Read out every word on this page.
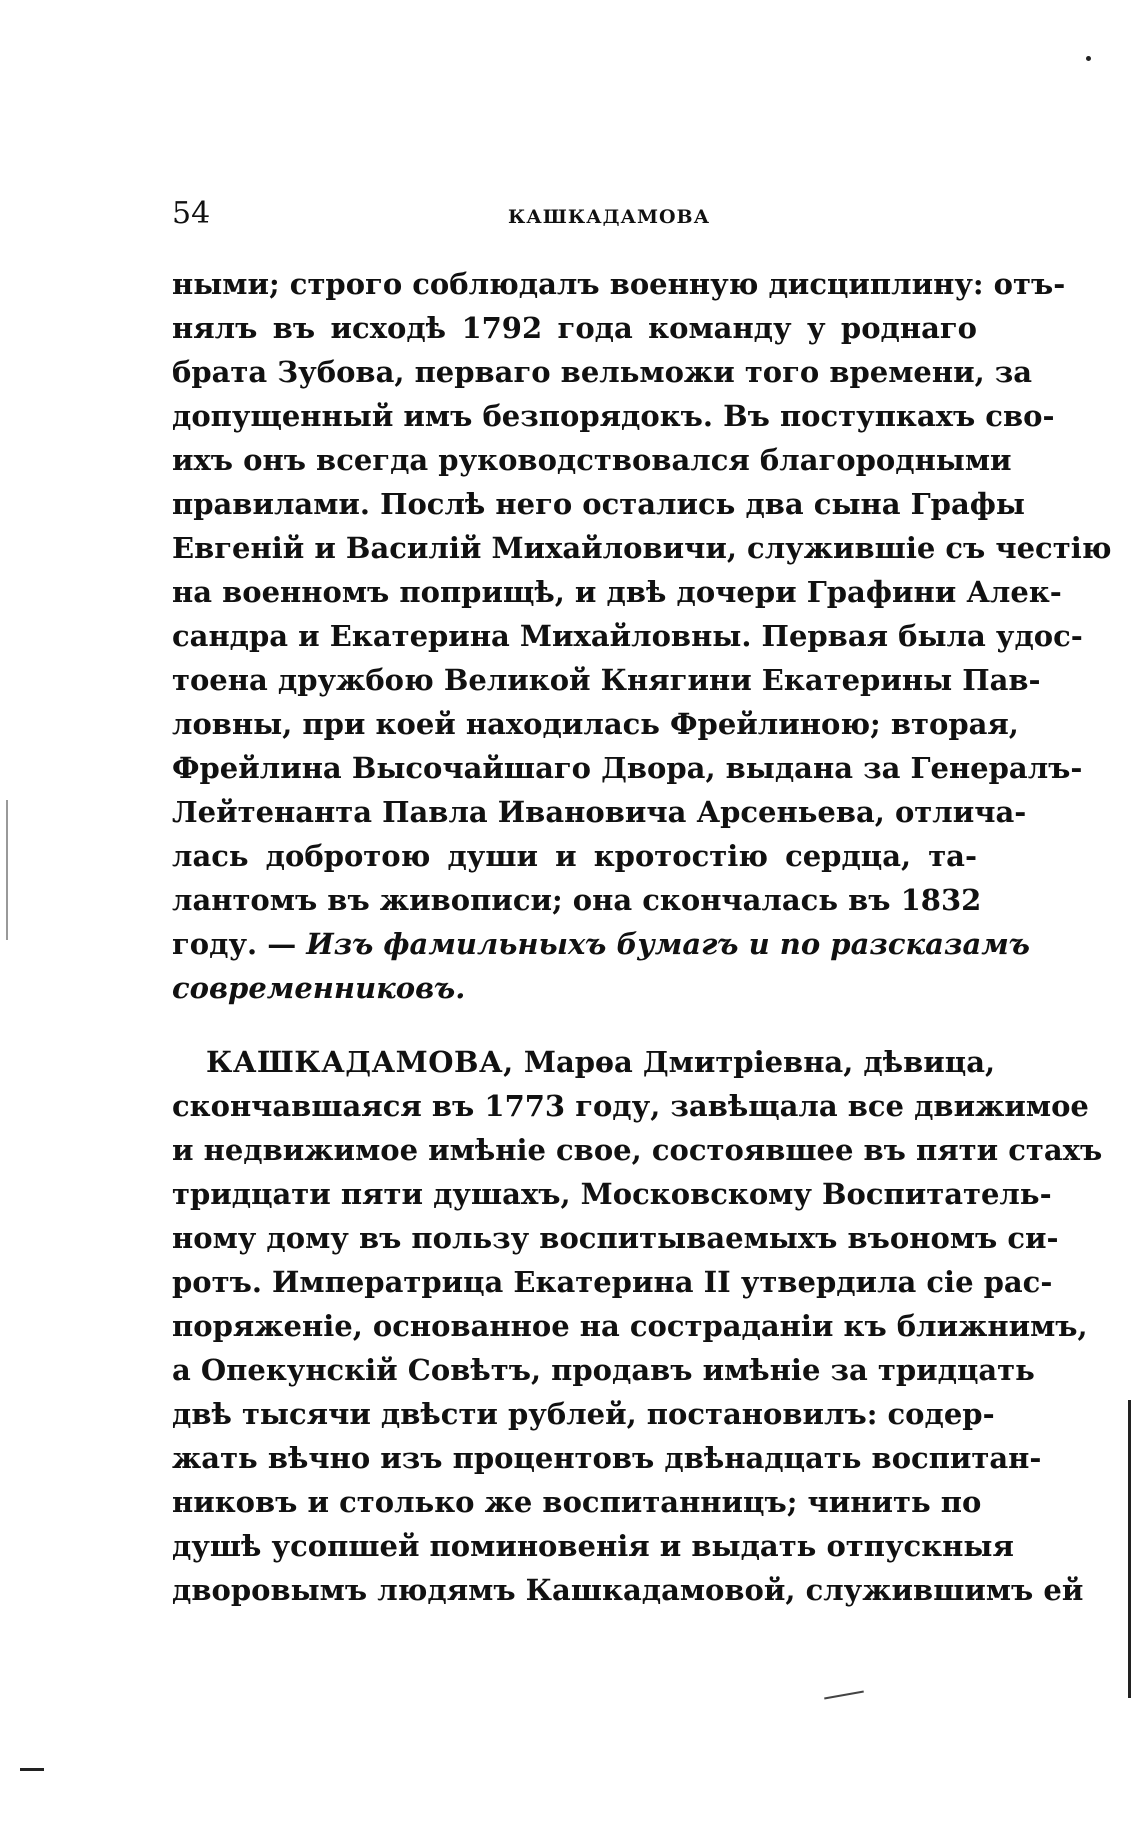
54	КАШКАДАМОВА
ными; строго соблюдалъ военную дисциплину: отъ-
нялъ въ исходѣ 1792 года команду у роднаго
брата Зубова, перваго вельможи того времени, за
допущенный имъ безпорядокъ. Въ поступкахъ сво-
ихъ онъ всегда руководствовался благородными
правилами. Послѣ него остались два сына Графы
Евгеній и Василій Михайловичи, служившіе съ честію
на военномъ поприщѣ, и двѣ дочери Графини Алек-
сандра и Екатерина Михайловны. Первая была удос-
тоена дружбою Великой Княгини Екатерины Пав-
ловны, при коей находилась Фрейлиною; вторая,
Фрейлина Высочайшаго Двора, выдана за Генералъ-
Лейтенанта Павла Ивановича Арсеньева, отлича-
лась добротою души и кротостію сердца, та-
лантомъ въ живописи; она скончалась въ 1832
году. — Изъ фамильныхъ бумагъ и по разсказамъ
современниковъ.
КАШКАДАМОВА, Марѳа Дмитріевна, дѣвица,
скончавшаяся въ 1773 году, завѣщала все движимое
и недвижимое имѣніе свое, состоявшее въ пяти стахъ
тридцати пяти душахъ, Московскому Воспитатель-
ному дому въ пользу воспитываемыхъ въономъ си-
ротъ. Императрица Екатерина II утвердила сіе рас-
поряженіе, основанное на состраданіи къ ближнимъ,
а Опекунскій Совѣтъ, продавъ имѣніе за тридцать
двѣ тысячи двѣсти рублей, постановилъ: содер-
жать вѣчно изъ процентовъ двѣнадцать воспитан-
никовъ и столько же воспитанницъ; чинить по
душѣ усопшей поминовенія и выдать отпускныя
дворовымъ людямъ Кашкадамовой, служившимъ ей
